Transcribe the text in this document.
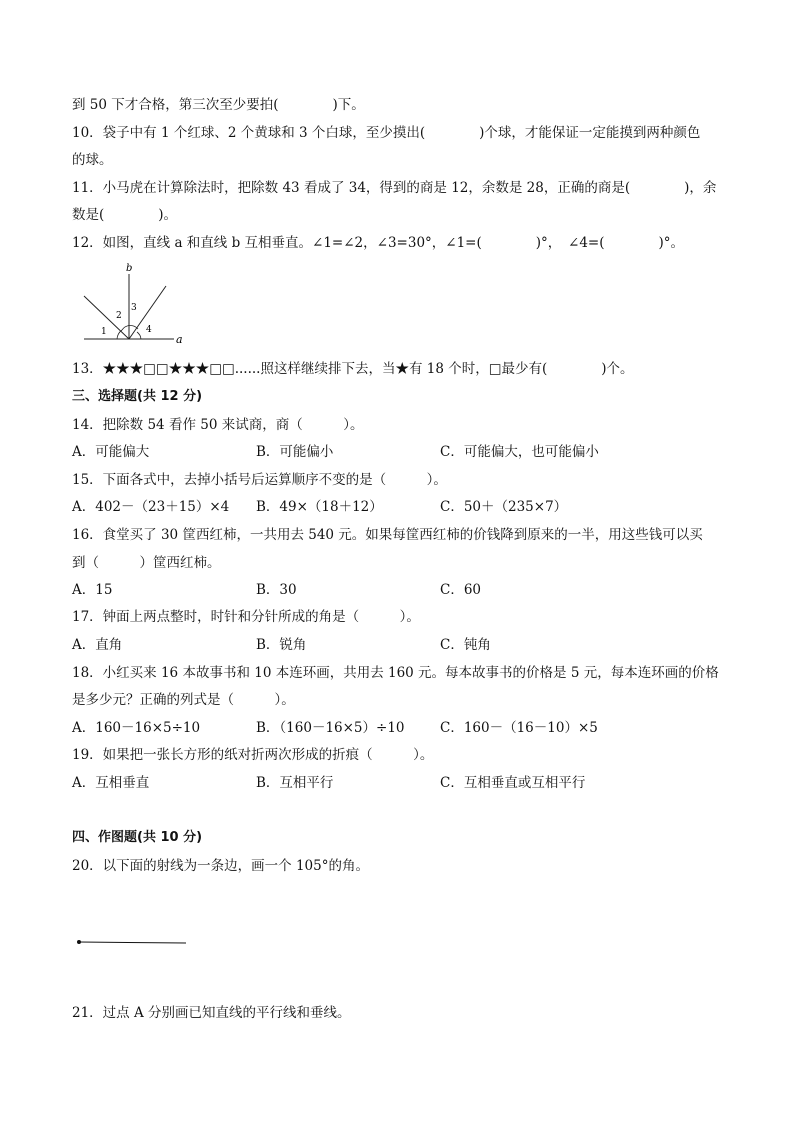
到 50 下才合格，第三次至少要拍(　　　　)下。
10．袋子中有 1 个红球、2 个黄球和 3 个白球，至少摸出(　　　　)个球，才能保证一定能摸到两种颜色
的球。
11．小马虎在计算除法时，把除数 43 看成了 34，得到的商是 12，余数是 28，正确的商是(　　　　)，余
数是(　　　　)。
12．如图，直线 a 和直线 b 互相垂直。∠1=∠2，∠3=30°，∠1=(　　　　)°，　∠4=(　　　　)°。
b
a
1
2
3
4
13．★★★□□★★★□□......照这样继续排下去，当★有 18 个时，□最少有(　　　　)个。
三、选择题(共 12 分)
14．把除数 54 看作 50 来试商，商（　　　）。
A．可能偏大	B．可能偏小	C．可能偏大，也可能偏小
15．下面各式中，去掉小括号后运算顺序不变的是（　　　）。
A．402－（23＋15）×4 B．49×（18＋12）	C．50＋（235×7）
16．食堂买了 30 筐西红柿，一共用去 540 元。如果每筐西红柿的价钱降到原来的一半，用这些钱可以买
到（　　　）筐西红柿。
A．15	B．30	C．60
17．钟面上两点整时，时针和分针所成的角是（　　　）。
A．直角	B．锐角	C．钝角
18．小红买来 16 本故事书和 10 本连环画，共用去 160 元。每本故事书的价格是 5 元，每本连环画的价格
是多少元？正确的列式是（　　　）。
A．160－16×5÷10	B．（160－16×5）÷10	C．160－（16－10）×5
19．如果把一张长方形的纸对折两次形成的折痕（　　　）。
A．互相垂直	B．互相平行	C．互相垂直或互相平行
四、作图题(共 10 分)
20．以下面的射线为一条边，画一个 105°的角。
21．过点 A 分别画已知直线的平行线和垂线。
